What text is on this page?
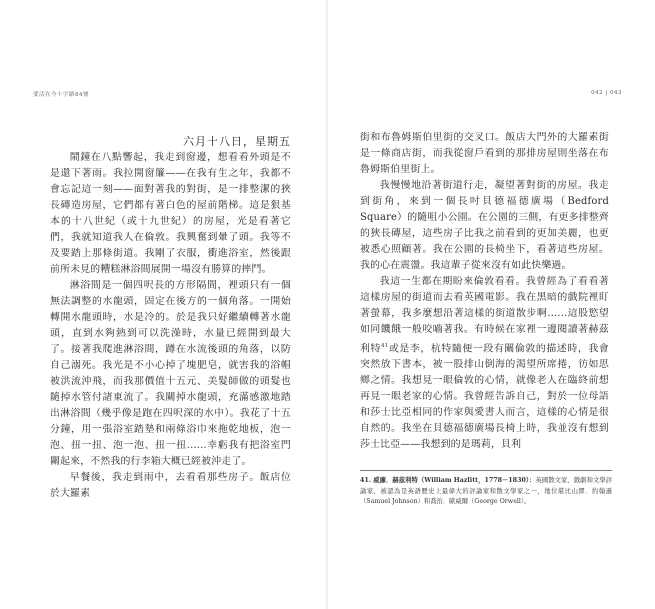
要活在今十字路84號
六月十八日，星期五

鬧鐘在八點響起，我走到窗邊，想看看外頭是不是還下著雨。我拉開窗簾——在我有生之年，我都不會忘記這一刻——面對著我的對街，是一排整潔的狹長磚造房屋，它們都有著白色的屋前階梯。這是狠基本的十八世紀（或十九世紀）的房屋，光是看著它們，我就知道我人在倫敦。我興奮到暈了頭。我等不及要踏上那條街道。我剛了衣服，衝進浴室，然後跟前所未見的糟糕淋浴間展開一場沒有勝算的摔鬥。

淋浴間是一個四呎長的方形隔間，裡頭只有一個無法調整的水龍頭，固定在後方的一個角落。一開始轉開水龍頭時，水是冷的。於是我只好繼續轉著水龍頭，直到水夠熱到可以洗澡時，水量已經開到最大了。接著我爬進淋浴間，蹲在水流後頭的角落，以防自己溺死。我光是不小心掉了塊肥皂，就害我的浴帽被洪流沖飛，而我那價值十五元、美髮師做的頭髮也隨掉水管付諸東流了。我關掉水龍頭，充滿感激地踏出淋浴間（幾乎像是跑在四呎深的水中）。我花了十五分鐘，用一張浴室踏墊和兩條浴巾來拖乾地板，泡一泡、扭一扭、泡一泡、扭一扭……幸虧我有把浴室門關起來，不然我的行李箱大概已經被沖走了。

早餐後，我走到雨中，去看看那些房子。飯店位於大羅素

042 | 043

街和布魯姆斯伯里街的交叉口。飯店大門外的大羅素街是一條商店街，而我從窗戶看到的那排房屋則坐落在布魯姆斯伯里街上。

我慢慢地沿著街道行走，凝望著對街的房屋。我走到街角，來到一個長吋貝德福德廣場（Bedford Square）的隨咀小公園。在公園的三側，有更多排整齊的狹長磚屋，這些房子比我之前看到的更加美麗，也更被悉心照顧著。我在公園的長椅坐下，看著這些房屋。我的心在震盪。我這輩子從來沒有如此快樂過。

我這一生都在期盼來倫敦看看。我曾經為了看看著這樣房屋的街道而去看英國電影。我在黑暗的戲院裡盯著螢幕，我多麼想沿著這樣的街道散步啊……這股慾望如同饑餓一般咬嚙著我。有時候在家裡一邊閱讀著赫茲利特$^{41}$或是李，杭特隨便一段有關倫敦的描述時，我會突然放下書本，被一股排山倒海的渴望所席捲，彷如思鄉之情。我想見一眼倫敦的心情，就像老人在臨終前想再見一眼老家的心情。我曾經告訴自己，對於一位母語和莎士比亞相同的作家與愛書人而言，這樣的心情是很自然的。我坐在貝德福德廣場長椅上時，我並沒有想到莎士比亞——我想到的是瑪莉，貝利

41. 威廉．赫茲利特（William Hazlitt，1778－1830）：英國散文家、戲劇和文學評論家，被認為是英語歷史上最偉大的評論家和散文學家之一，地位堪比山繆．約翰遜（Samuel Johnson）和喬治．歐威爾（George Orwell）。
